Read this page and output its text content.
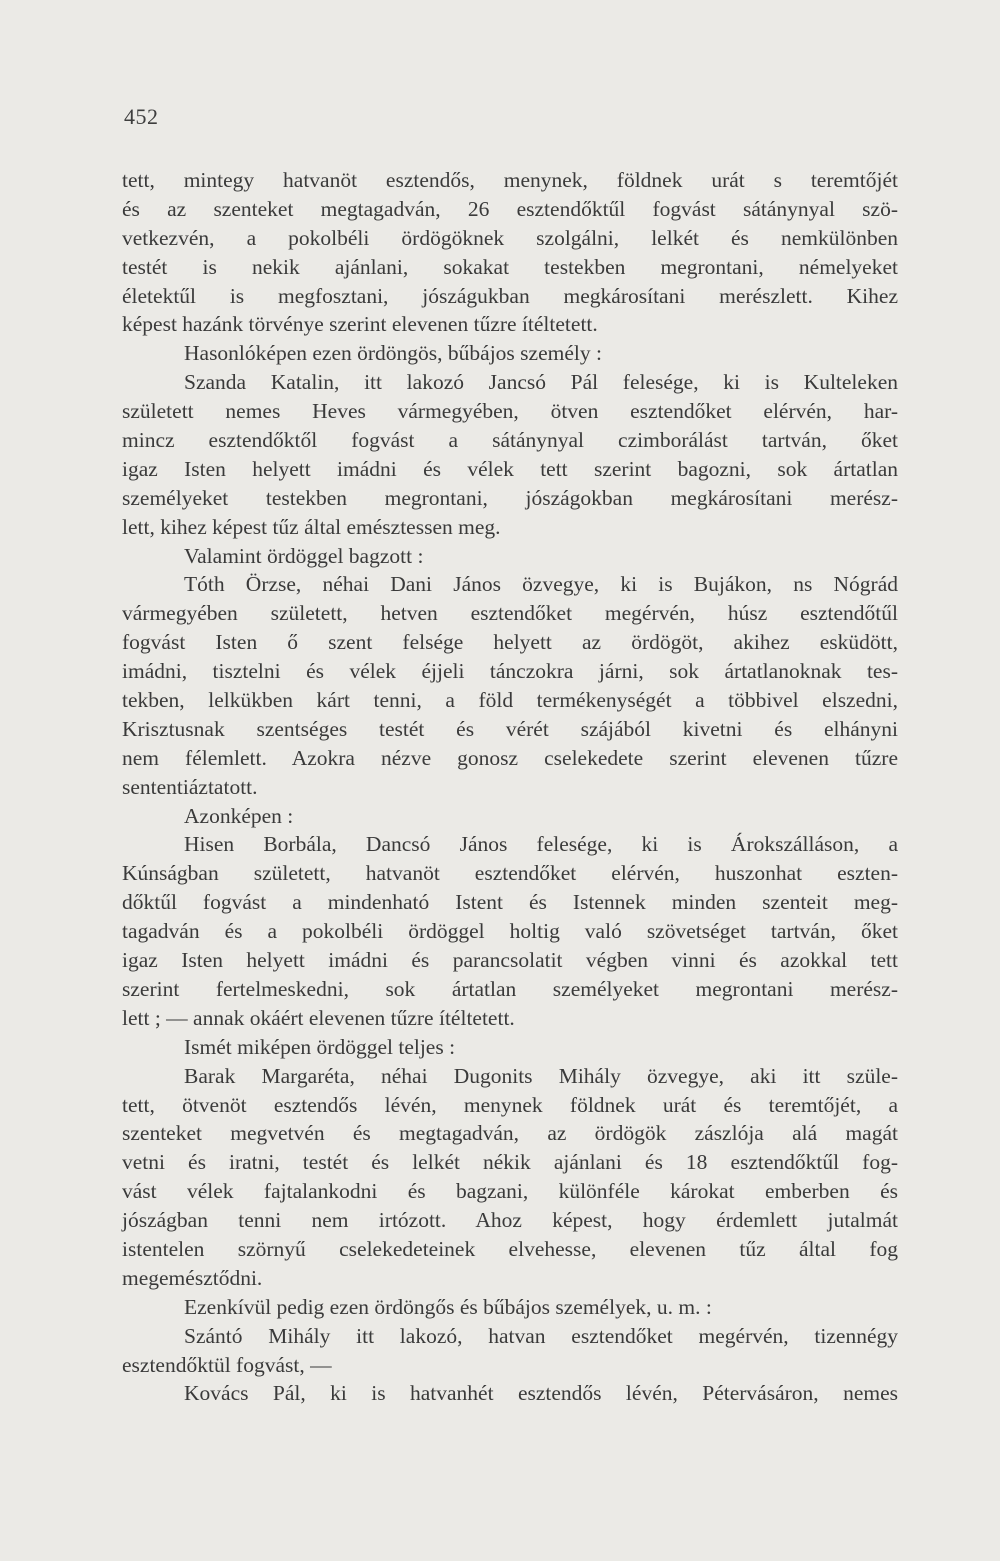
452
tett, mintegy hatvanöt esztendős, menynek, földnek urát s teremtőjét
és az szenteket megtagadván, 26 esztendőktűl fogvást sátánynyal szö-
vetkezvén, a pokolbéli ördögöknek szolgálni, lelkét és nemkülönben
testét is nekik ajánlani, sokakat testekben megrontani, némelyeket
életektűl is megfosztani, jószágukban megkárosítani merészlett. Kihez
képest hazánk törvénye szerint elevenen tűzre ítéltetett.
Hasonlóképen ezen ördöngös, bűbájos személy :
Szanda Katalin, itt lakozó Jancsó Pál felesége, ki is Kulteleken
született nemes Heves vármegyében, ötven esztendőket elérvén, har-
mincz esztendőktől fogvást a sátánynyal czimborálást tartván, őket
igaz Isten helyett imádni és vélek tett szerint bagozni, sok ártatlan
személyeket testekben megrontani, jószágokban megkárosítani merész-
lett, kihez képest tűz által emésztessen meg.
Valamint ördöggel bagzott :
Tóth Örzse, néhai Dani János özvegye, ki is Bujákon, ns Nógrád
vármegyében született, hetven esztendőket megérvén, húsz esztendőtűl
fogvást Isten ő szent felsége helyett az ördögöt, akihez esküdött,
imádni, tisztelni és vélek éjjeli tánczokra járni, sok ártatlanoknak tes-
tekben, lelkükben kárt tenni, a föld termékenységét a többivel elszedni,
Krisztusnak szentséges testét és vérét szájából kivetni és elhányni
nem félemlett. Azokra nézve gonosz cselekedete szerint elevenen tűzre
sententiáztatott.
Azonképen :
Hisen Borbála, Dancsó János felesége, ki is Árokszálláson, a
Kúnságban született, hatvanöt esztendőket elérvén, huszonhat eszten-
dőktűl fogvást a mindenható Istent és Istennek minden szenteit meg-
tagadván és a pokolbéli ördöggel holtig való szövetséget tartván, őket
igaz Isten helyett imádni és parancsolatit végben vinni és azokkal tett
szerint fertelmeskedni, sok ártatlan személyeket megrontani merész-
lett ; — annak okáért elevenen tűzre ítéltetett.
Ismét miképen ördöggel teljes :
Barak Margaréta, néhai Dugonits Mihály özvegye, aki itt szüle-
tett, ötvenöt esztendős lévén, menynek földnek urát és teremtőjét, a
szenteket megvetvén és megtagadván, az ördögök zászlója alá magát
vetni és iratni, testét és lelkét nékik ajánlani és 18 esztendőktűl fog-
vást vélek fajtalankodni és bagzani, különféle károkat emberben és
jószágban tenni nem irtózott. Ahoz képest, hogy érdemlett jutalmát
istentelen szörnyű cselekedeteinek elvehesse, elevenen tűz által fog
megemésztődni.
Ezenkívül pedig ezen ördöngős és bűbájos személyek, u. m. :
Szántó Mihály itt lakozó, hatvan esztendőket megérvén, tizennégy
esztendőktül fogvást, —
Kovács Pál, ki is hatvanhét esztendős lévén, Pétervásáron, nemes
